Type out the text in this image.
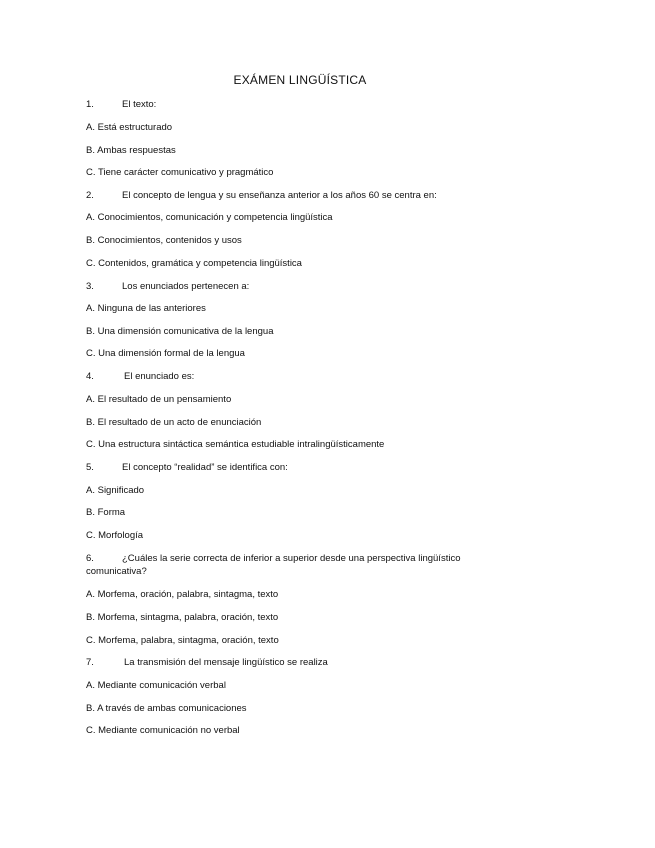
EXÁMEN LINGÜÍSTICA
1.	El texto:
A. Está estructurado
B. Ambas respuestas
C. Tiene carácter comunicativo y pragmático
2.	El concepto de lengua y su enseñanza anterior a los años 60 se centra en:
A. Conocimientos, comunicación y competencia lingüística
B. Conocimientos, contenidos y usos
C. Contenidos, gramática y competencia lingüística
3.	Los enunciados pertenecen a:
A. Ninguna de las anteriores
B. Una dimensión comunicativa de la lengua
C. Una dimensión formal de la lengua
4.	El enunciado es:
A. El resultado de un pensamiento
B. El resultado de un acto de enunciación
C. Una estructura sintáctica semántica estudiable intralingüísticamente
5.	El concepto “realidad” se identifica con:
A. Significado
B. Forma
C. Morfología
6.	¿Cuáles la serie correcta de inferior a superior desde una perspectiva lingüístico
comunicativa?
A. Morfema, oración, palabra, sintagma, texto
B. Morfema, sintagma, palabra, oración, texto
C. Morfema, palabra, sintagma, oración, texto
7.	La transmisión del mensaje lingüístico se realiza
A. Mediante comunicación verbal
B. A través de ambas comunicaciones
C. Mediante comunicación no verbal
